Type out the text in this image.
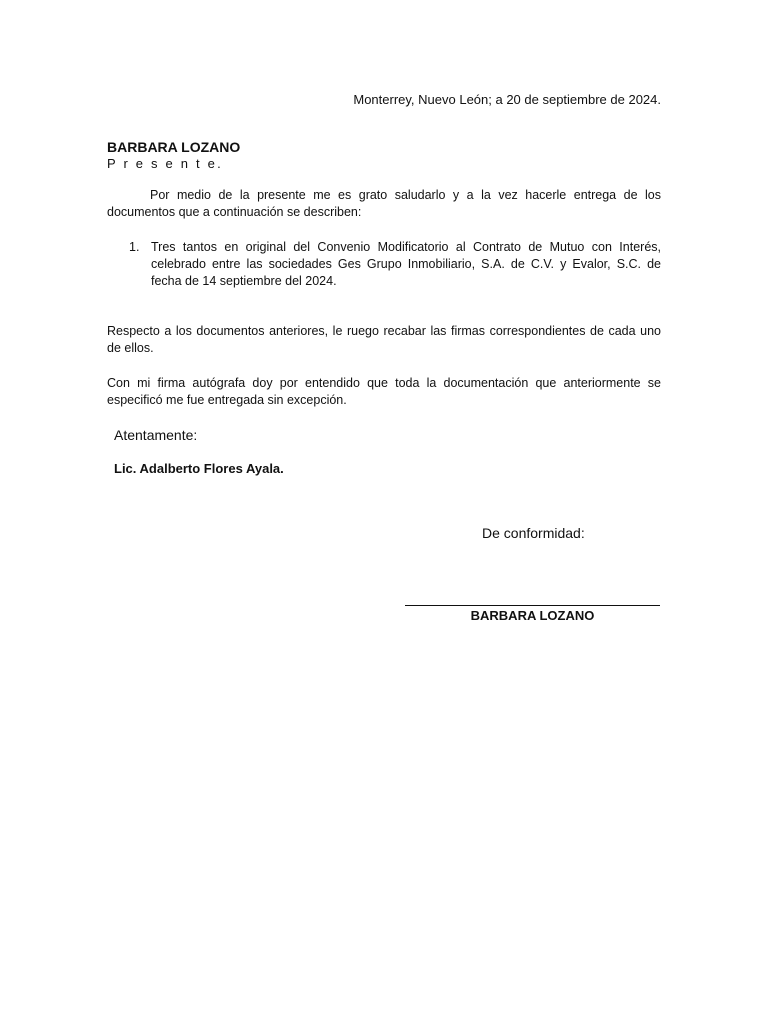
Monterrey, Nuevo León; a 20 de septiembre de 2024.
BARBARA LOZANO
P r e s e n t e.
Por medio de la presente me es grato saludarlo y a la vez hacerle entrega de los documentos que a continuación se describen:
1. Tres tantos en original del Convenio Modificatorio al Contrato de Mutuo con Interés, celebrado entre las sociedades Ges Grupo Inmobiliario, S.A. de C.V. y Evalor, S.C. de fecha de 14 septiembre del 2024.
Respecto a los documentos anteriores, le ruego recabar las firmas correspondientes de cada uno de ellos.
Con mi firma autógrafa doy por entendido que toda la documentación que anteriormente se especificó me fue entregada sin excepción.
Atentamente:
Lic. Adalberto Flores Ayala.
De conformidad:
BARBARA LOZANO
